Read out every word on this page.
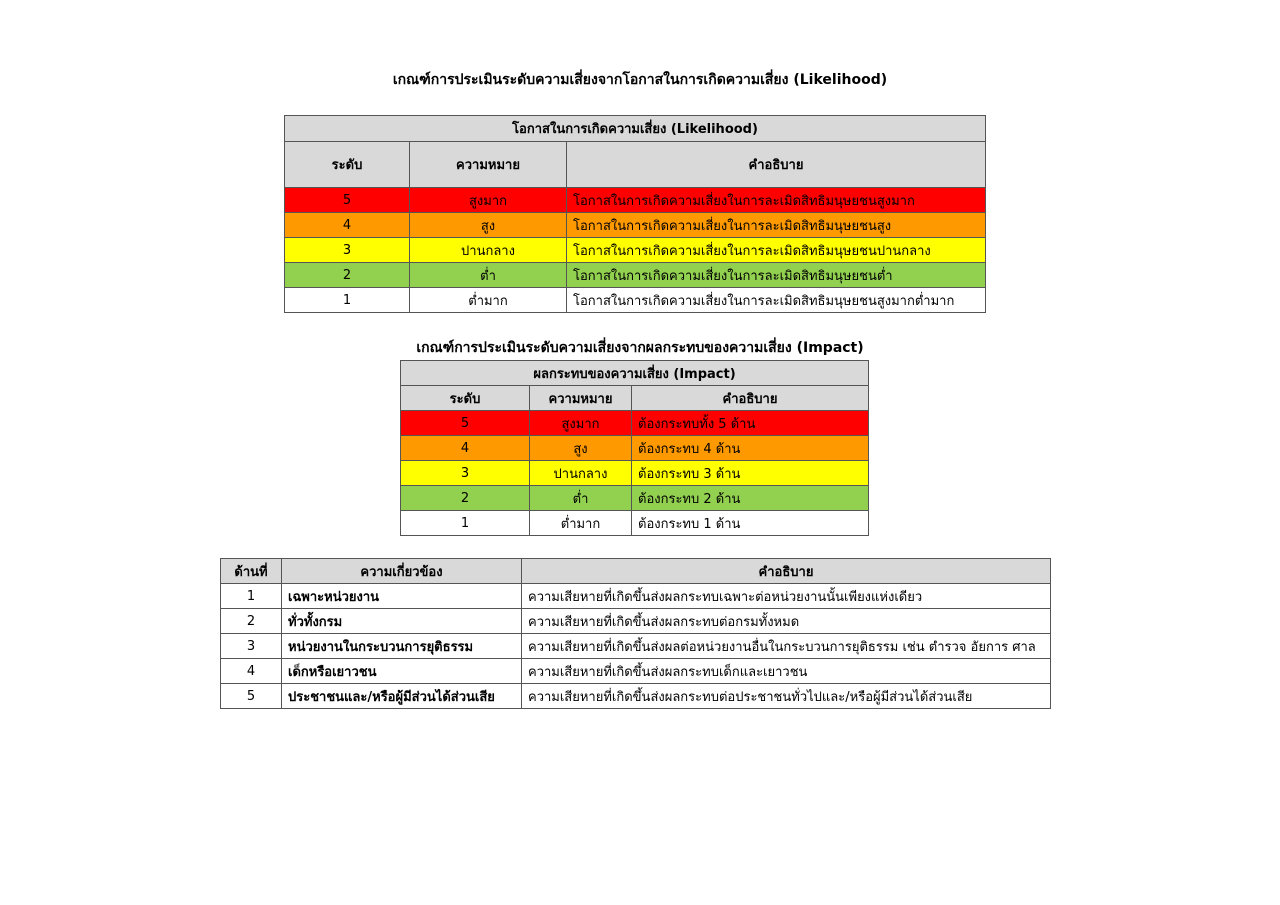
เกณฑ์การประเมินระดับความเสี่ยงจากโอกาสในการเกิดความเสี่ยง (Likelihood)
โอกาสในการเกิดความเสี่ยง (Likelihood)		
ระดับ	ความหมาย	คำอธิบาย
5	สูงมาก	โอกาสในการเกิดความเสี่ยงในการละเมิดสิทธิมนุษยชนสูงมาก
4	สูง	โอกาสในการเกิดความเสี่ยงในการละเมิดสิทธิมนุษยชนสูง
3	ปานกลาง	โอกาสในการเกิดความเสี่ยงในการละเมิดสิทธิมนุษยชนปานกลาง
2	ต่ำ	โอกาสในการเกิดความเสี่ยงในการละเมิดสิทธิมนุษยชนต่ำ
1	ต่ำมาก	โอกาสในการเกิดความเสี่ยงในการละเมิดสิทธิมนุษยชนสูงมากต่ำมาก
เกณฑ์การประเมินระดับความเสี่ยงจากผลกระทบของความเสี่ยง (Impact)
ผลกระทบของความเสี่ยง (Impact)		
ระดับ	ความหมาย	คำอธิบาย
5	สูงมาก	ต้องกระทบทั้ง 5 ด้าน
4	สูง	ต้องกระทบ 4 ด้าน
3	ปานกลาง	ต้องกระทบ 3 ด้าน
2	ต่ำ	ต้องกระทบ 2 ด้าน
1	ต่ำมาก	ต้องกระทบ 1 ด้าน
ด้านที่	ความเกี่ยวข้อง	คำอธิบาย
1	เฉพาะหน่วยงาน	ความเสียหายที่เกิดขึ้นส่งผลกระทบเฉพาะต่อหน่วยงานนั้นเพียงแห่งเดียว
2	ทั่วทั้งกรม	ความเสียหายที่เกิดขึ้นส่งผลกระทบต่อกรมทั้งหมด
3	หน่วยงานในกระบวนการยุติธรรม	ความเสียหายที่เกิดขึ้นส่งผลต่อหน่วยงานอื่นในกระบวนการยุติธรรม เช่น ตำรวจ อัยการ ศาล
4	เด็กหรือเยาวชน	ความเสียหายที่เกิดขึ้นส่งผลกระทบเด็กและเยาวชน
5	ประชาชนและ/หรือผู้มีส่วนได้ส่วนเสีย	ความเสียหายที่เกิดขึ้นส่งผลกระทบต่อประชาชนทั่วไปและ/หรือผู้มีส่วนได้ส่วนเสีย
